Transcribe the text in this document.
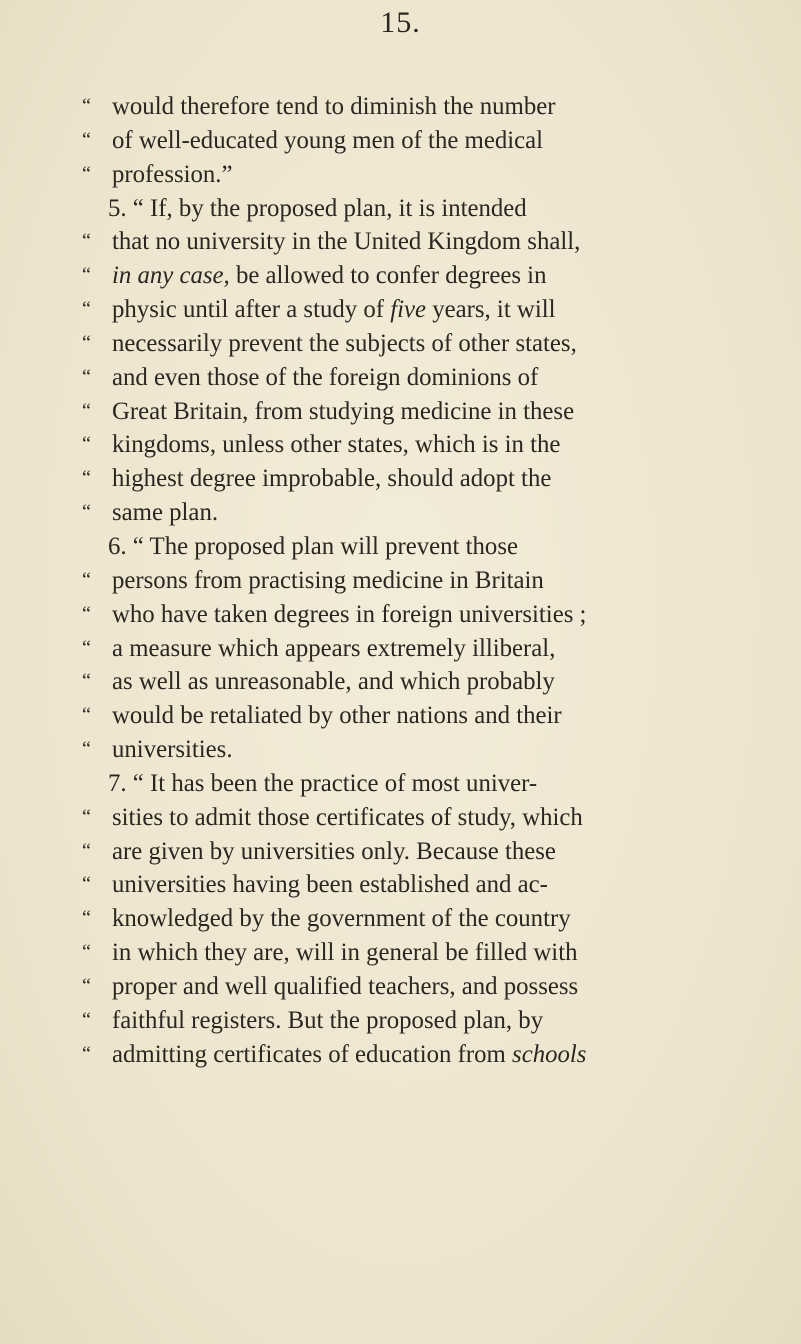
15.
“ would therefore tend to diminish the number
“ of well-educated young men of the medical
“ profession.”
5. “ If, by the proposed plan, it is intended
“ that no university in the United Kingdom shall,
“ in any case, be allowed to confer degrees in
“ physic until after a study of five years, it will
“ necessarily prevent the subjects of other states,
“ and even those of the foreign dominions of
“ Great Britain, from studying medicine in these
“ kingdoms, unless other states, which is in the
“ highest degree improbable, should adopt the
“ same plan.
6. “ The proposed plan will prevent those
“ persons from practising medicine in Britain
“ who have taken degrees in foreign universities ;
“ a measure which appears extremely illiberal,
“ as well as unreasonable, and which probably
“ would be retaliated by other nations and their
“ universities.
7. “ It has been the practice of most univer-
“ sities to admit those certificates of study, which
“ are given by universities only. Because these
“ universities having been established and ac-
“ knowledged by the government of the country
“ in which they are, will in general be filled with
“ proper and well qualified teachers, and possess
“ faithful registers. But the proposed plan, by
“ admitting certificates of education from schools
